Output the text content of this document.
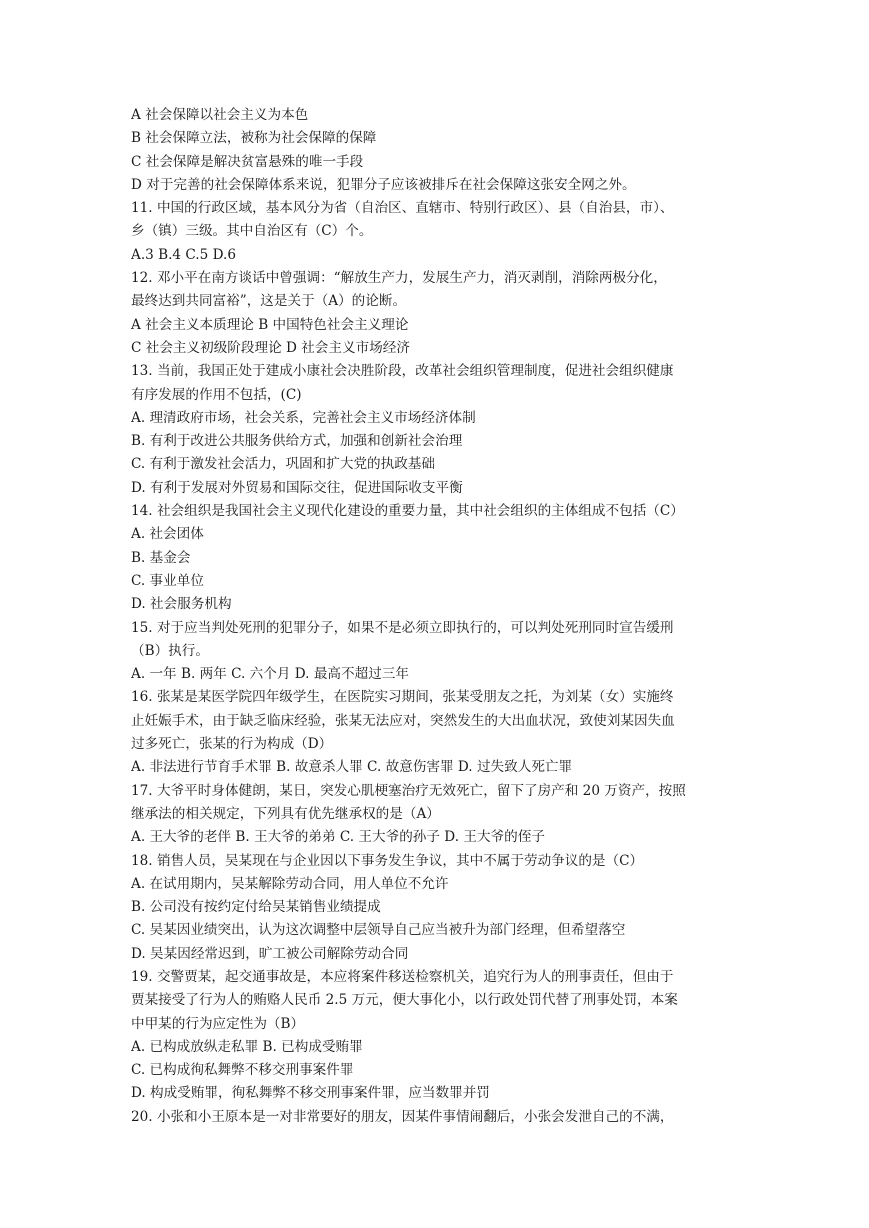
A 社会保障以社会主义为本色
B 社会保障立法，被称为社会保障的保障
C 社会保障是解决贫富悬殊的唯一手段
D 对于完善的社会保障体系来说，犯罪分子应该被排斥在社会保障这张安全网之外。
11. 中国的行政区域，基本风分为省（自治区、直辖市、特别行政区）、县（自治县，市）、
乡（镇）三级。其中自治区有（C）个。
A.3 B.4 C.5 D.6
12. 邓小平在南方谈话中曾强调：“解放生产力，发展生产力，消灭剥削，消除两极分化，
最终达到共同富裕”，这是关于（A）的论断。
A 社会主义本质理论 B 中国特色社会主义理论
C 社会主义初级阶段理论 D 社会主义市场经济
13. 当前，我国正处于建成小康社会决胜阶段，改革社会组织管理制度，促进社会组织健康
有序发展的作用不包括，(C)
A. 理清政府市场，社会关系，完善社会主义市场经济体制
B. 有利于改进公共服务供给方式，加强和创新社会治理
C. 有利于激发社会活力，巩固和扩大党的执政基础
D. 有利于发展对外贸易和国际交往，促进国际收支平衡
14. 社会组织是我国社会主义现代化建设的重要力量，其中社会组织的主体组成不包括（C）
A. 社会团体
B. 基金会
C. 事业单位
D. 社会服务机构
15. 对于应当判处死刑的犯罪分子，如果不是必须立即执行的，可以判处死刑同时宣告缓刑
（B）执行。
A. 一年 B. 两年 C. 六个月 D. 最高不超过三年
16. 张某是某医学院四年级学生，在医院实习期间，张某受朋友之托，为刘某（女）实施终
止妊娠手术，由于缺乏临床经验，张某无法应对，突然发生的大出血状况，致使刘某因失血
过多死亡，张某的行为构成（D）
A. 非法进行节育手术罪 B. 故意杀人罪 C. 故意伤害罪 D. 过失致人死亡罪
17. 大爷平时身体健朗，某日，突发心肌梗塞治疗无效死亡，留下了房产和 20 万资产，按照
继承法的相关规定，下列具有优先继承权的是（A）
A. 王大爷的老伴 B. 王大爷的弟弟 C. 王大爷的孙子 D. 王大爷的侄子
18. 销售人员，吴某现在与企业因以下事务发生争议，其中不属于劳动争议的是（C）
A. 在试用期内，吴某解除劳动合同，用人单位不允许
B. 公司没有按约定付给吴某销售业绩提成
C. 吴某因业绩突出，认为这次调整中层领导自己应当被升为部门经理，但希望落空
D. 吴某因经常迟到，旷工被公司解除劳动合同
19. 交警贾某，起交通事故是，本应将案件移送检察机关，追究行为人的刑事责任，但由于
贾某接受了行为人的贿赂人民币 2.5 万元，便大事化小，以行政处罚代替了刑事处罚，本案
中甲某的行为应定性为（B）
A. 已构成放纵走私罪 B. 已构成受贿罪
C. 已构成徇私舞弊不移交刑事案件罪
D. 构成受贿罪，徇私舞弊不移交刑事案件罪，应当数罪并罚
20. 小张和小王原本是一对非常要好的朋友，因某件事情闹翻后，小张会发泄自己的不满，
